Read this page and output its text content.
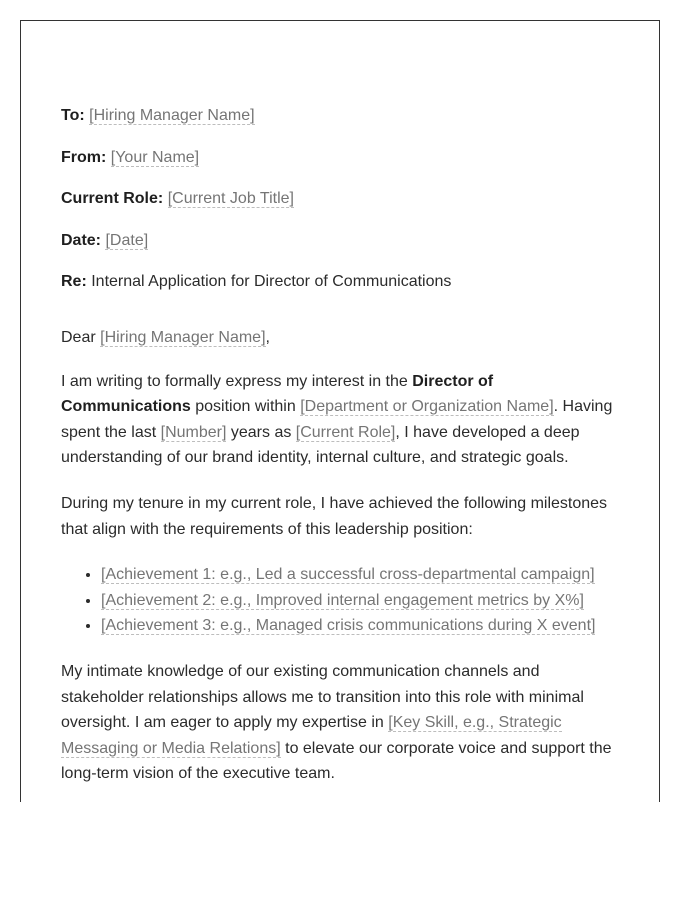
To: [Hiring Manager Name]
From: [Your Name]
Current Role: [Current Job Title]
Date: [Date]
Re: Internal Application for Director of Communications
Dear [Hiring Manager Name],

I am writing to formally express my interest in the Director of Communications position within [Department or Organization Name]. Having spent the last [Number] years as [Current Role], I have developed a deep understanding of our brand identity, internal culture, and strategic goals.

During my tenure in my current role, I have achieved the following milestones that align with the requirements of this leadership position:

• [Achievement 1: e.g., Led a successful cross-departmental campaign]
• [Achievement 2: e.g., Improved internal engagement metrics by X%]
• [Achievement 3: e.g., Managed crisis communications during X event]

My intimate knowledge of our existing communication channels and stakeholder relationships allows me to transition into this role with minimal oversight. I am eager to apply my expertise in [Key Skill, e.g., Strategic Messaging or Media Relations] to elevate our corporate voice and support the long-term vision of the executive team.
